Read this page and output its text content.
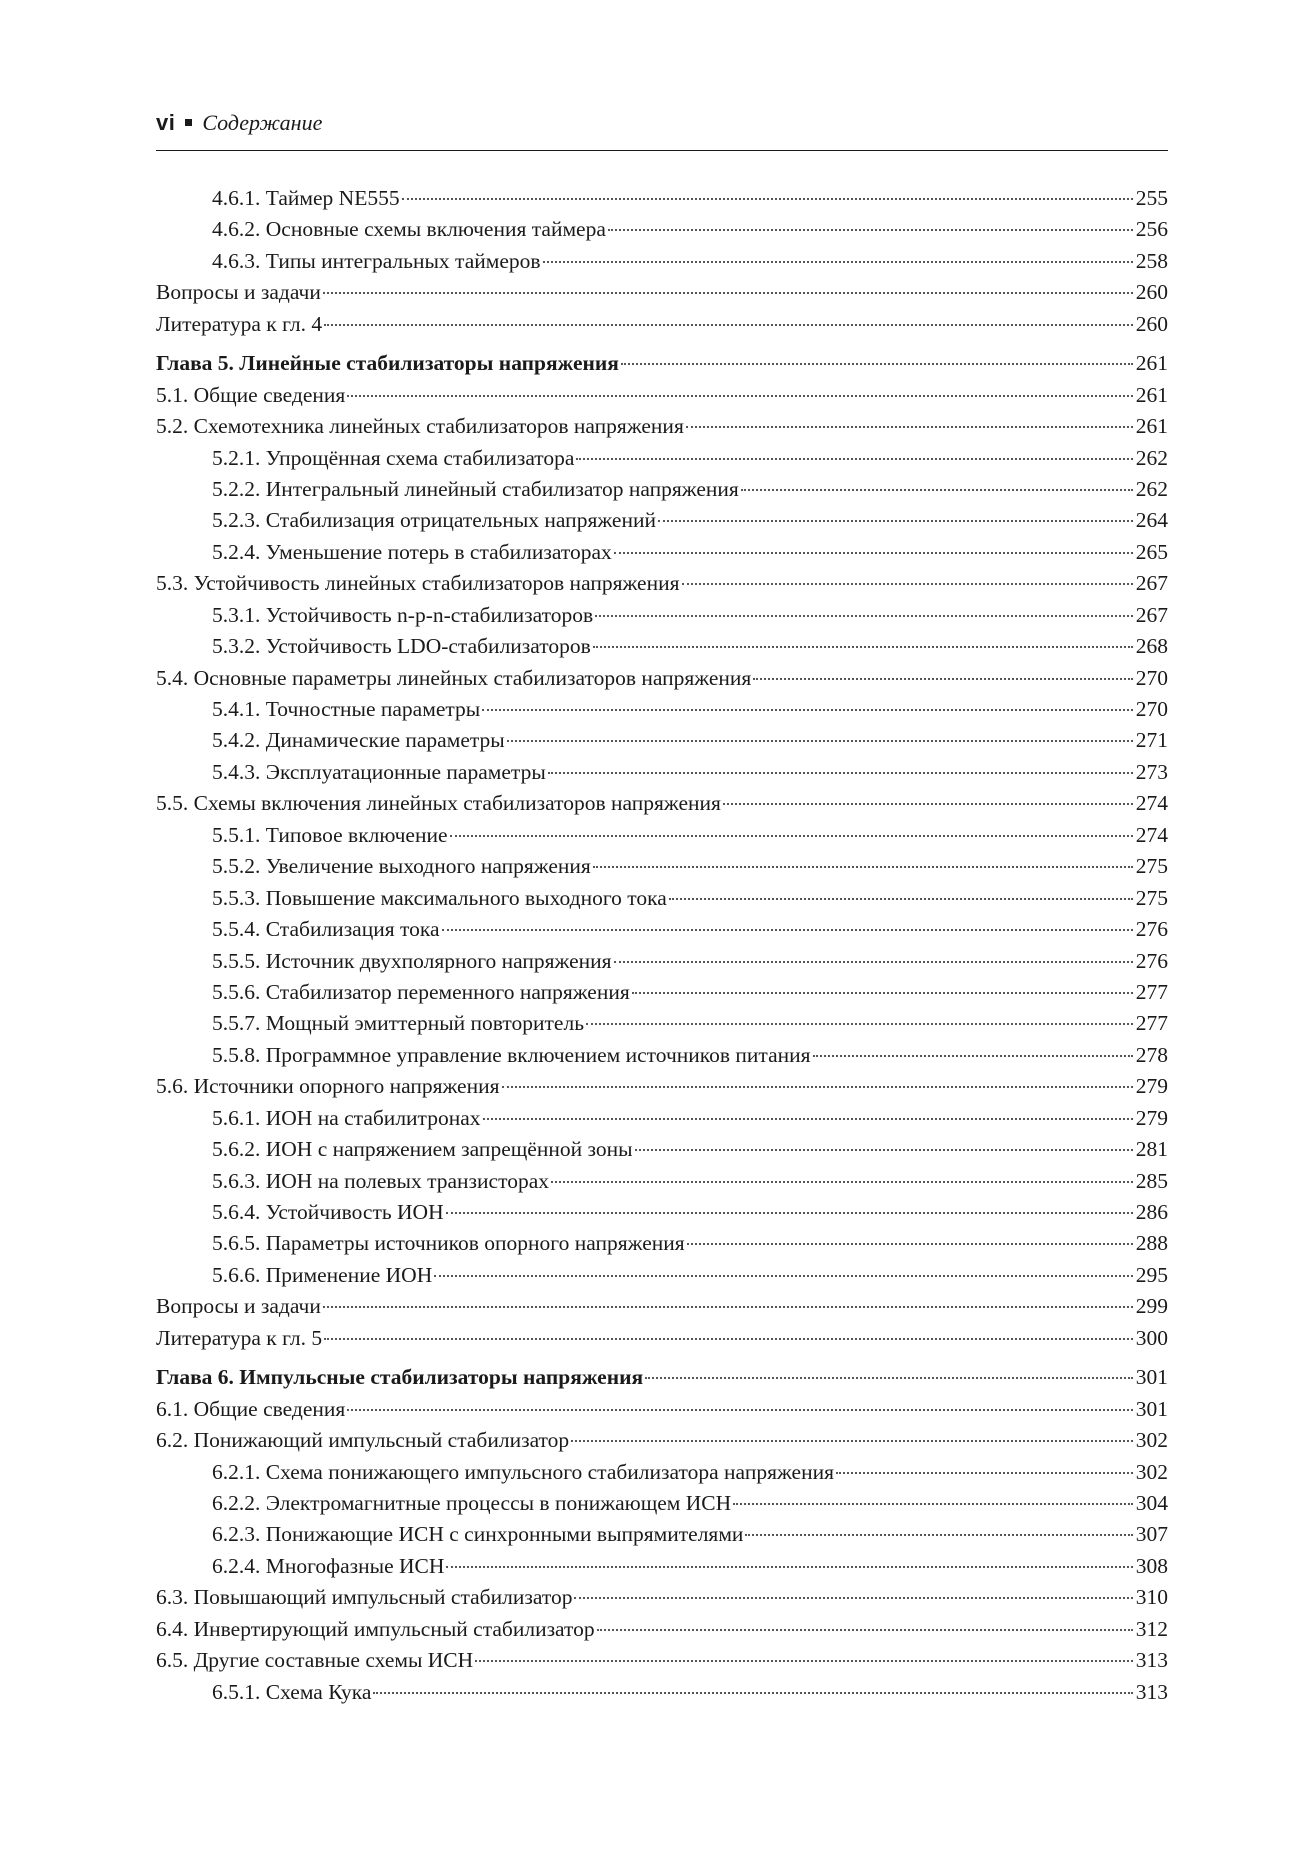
vi Содержание
4.6.1. Таймер NE555	255
4.6.2. Основные схемы включения таймера	256
4.6.3. Типы интегральных таймеров	258
Вопросы и задачи	260
Литература к гл. 4	260
Глава 5. Линейные стабилизаторы напряжения	261
5.1. Общие сведения	261
5.2. Схемотехника линейных стабилизаторов напряжения	261
5.2.1. Упрощённая схема стабилизатора	262
5.2.2. Интегральный линейный стабилизатор напряжения	262
5.2.3. Стабилизация отрицательных напряжений	264
5.2.4. Уменьшение потерь в стабилизаторах	265
5.3. Устойчивость линейных стабилизаторов напряжения	267
5.3.1. Устойчивость n-p-n-стабилизаторов	267
5.3.2. Устойчивость LDO-стабилизаторов	268
5.4. Основные параметры линейных стабилизаторов напряжения	270
5.4.1. Точностные параметры	270
5.4.2. Динамические параметры	271
5.4.3. Эксплуатационные параметры	273
5.5. Схемы включения линейных стабилизаторов напряжения	274
5.5.1. Типовое включение	274
5.5.2. Увеличение выходного напряжения	275
5.5.3. Повышение максимального выходного тока	275
5.5.4. Стабилизация тока	276
5.5.5. Источник двухполярного напряжения	276
5.5.6. Стабилизатор переменного напряжения	277
5.5.7. Мощный эмиттерный повторитель	277
5.5.8. Программное управление включением источников питания	278
5.6. Источники опорного напряжения	279
5.6.1. ИОН на стабилитронах	279
5.6.2. ИОН с напряжением запрещённой зоны	281
5.6.3. ИОН на полевых транзисторах	285
5.6.4. Устойчивость ИОН	286
5.6.5. Параметры источников опорного напряжения	288
5.6.6. Применение ИОН	295
Вопросы и задачи	299
Литература к гл. 5	300
Глава 6. Импульсные стабилизаторы напряжения	301
6.1. Общие сведения	301
6.2. Понижающий импульсный стабилизатор	302
6.2.1. Схема понижающего импульсного стабилизатора напряжения	302
6.2.2. Электромагнитные процессы в понижающем ИСН	304
6.2.3. Понижающие ИСН с синхронными выпрямителями	307
6.2.4. Многофазные ИСН	308
6.3. Повышающий импульсный стабилизатор	310
6.4. Инвертирующий импульсный стабилизатор	312
6.5. Другие составные схемы ИСН	313
6.5.1. Схема Кука	313
